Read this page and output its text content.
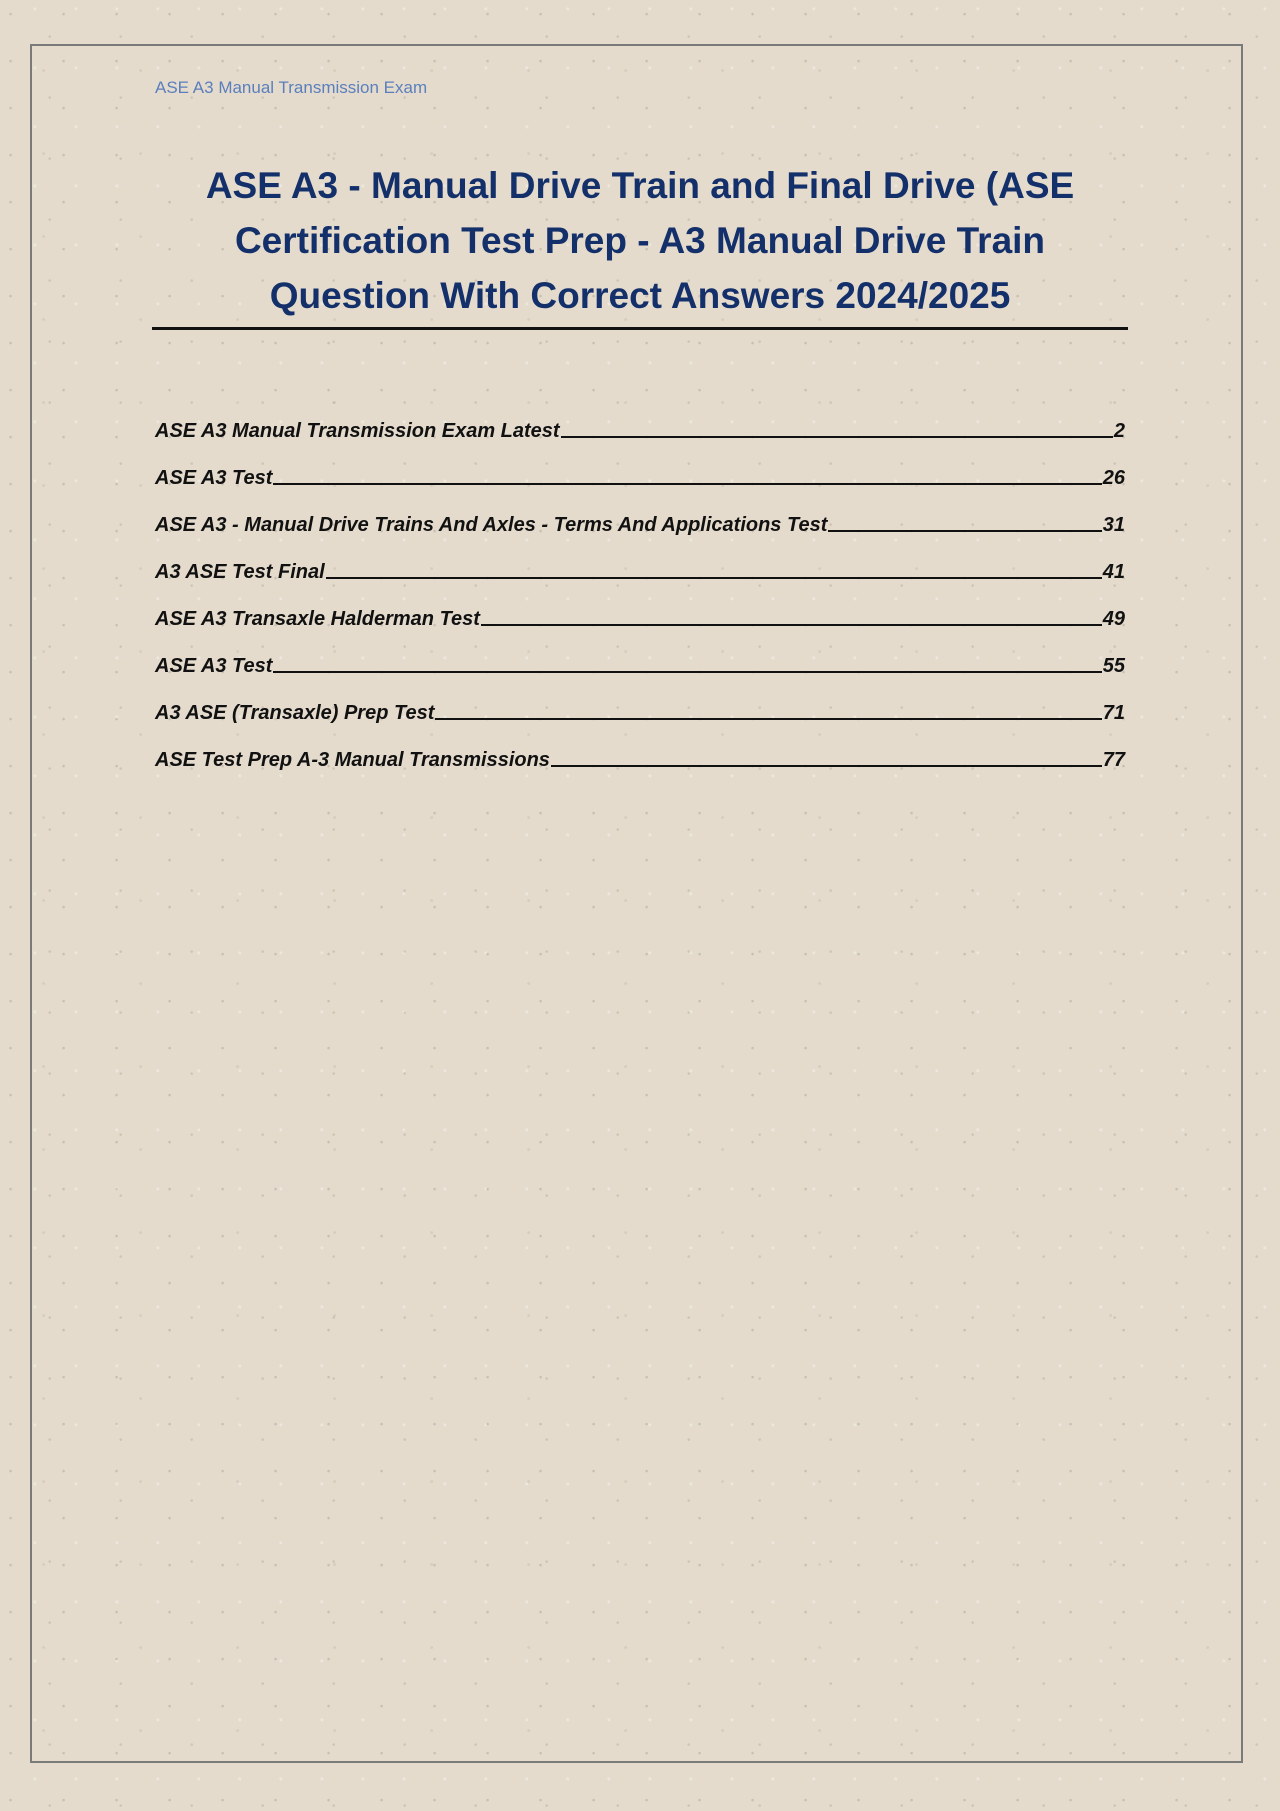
ASE A3 Manual Transmission Exam
ASE A3 - Manual Drive Train and Final Drive (ASE
Certification Test Prep - A3 Manual Drive Train
Question With Correct Answers 2024/2025
ASE A3 Manual Transmission Exam Latest	2
ASE A3 Test	26
ASE A3 - Manual Drive Trains And Axles - Terms And Applications Test	31
A3 ASE Test Final	41
ASE A3 Transaxle Halderman Test	49
ASE A3 Test	55
A3 ASE (Transaxle) Prep Test	71
ASE Test Prep A-3 Manual Transmissions	77
